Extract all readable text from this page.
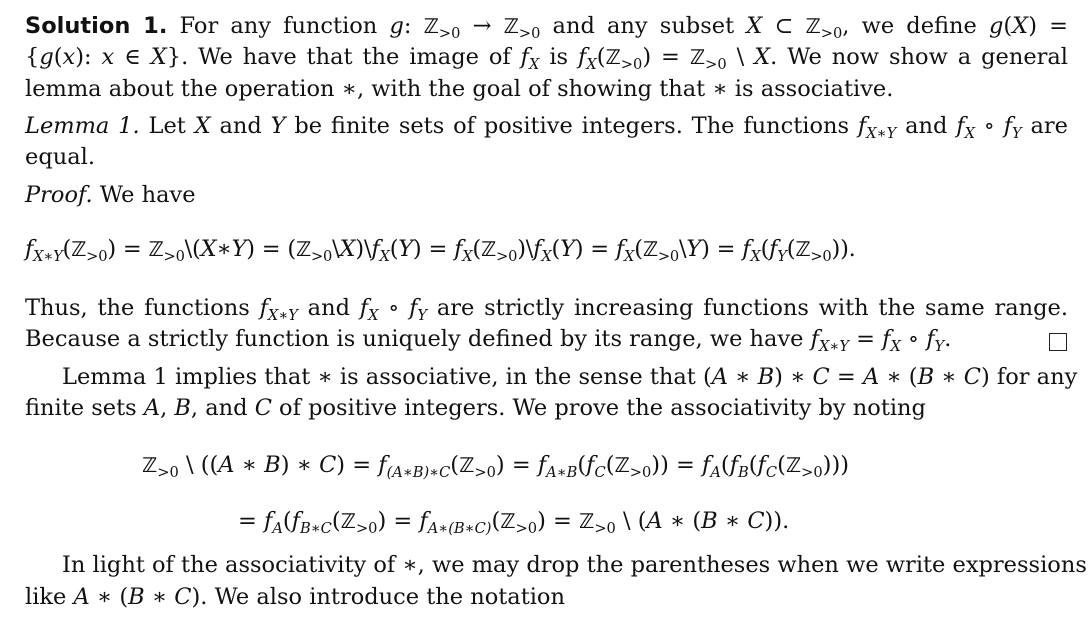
Solution 1. For any function g: ℤ$_{>0}$ → ℤ$_{>0}$ and any subset X ⊂ ℤ$_{>0}$, we define g(X) =
{g(x): x ∈ X}. We have that the image of $f_X$ is $f_X(ℤ_{>0})$ = ℤ$_{>0}$ \ X. We now show a general
lemma about the operation ∗, with the goal of showing that ∗ is associative.
Lemma 1. Let X and Y be finite sets of positive integers. The functions $f_{X∗Y}$ and $f_X$ ∘ $f_Y$ are
equal.
Proof. We have
$f_{X∗Y}(ℤ_{>0})$ = ℤ$_{>0}$\(X∗Y) = $(ℤ_{>0}\backslash X)\backslash f_X(Y)$ = $f_X(ℤ_{>0})\backslash f_X(Y)$ = $f_X(ℤ_{>0}\backslash Y)$ = $f_X(f_Y(ℤ_{>0}))$.
Thus, the functions $f_{X∗Y}$ and $f_X$ ∘ $f_Y$ are strictly increasing functions with the same range.
Because a strictly function is uniquely defined by its range, we have $f_{X∗Y} = f_X$ ∘ $f_Y$.
Lemma 1 implies that ∗ is associative, in the sense that (A ∗ B) ∗ C = A ∗ (B ∗ C) for any
finite sets A, B, and C of positive integers. We prove the associativity by noting
ℤ$_{>0}$ \ ((A ∗ B) ∗ $C) = f_{(A∗B)∗C}(ℤ_{>0})$ = $f_{A∗B}(f_C(ℤ_{>0}))$ = $f_A(f_B(f_C(ℤ_{>0})))$
= $f_A(f_{B∗C}(ℤ_{>0})$ = $f_{A∗(B∗C)}(ℤ_{>0})$ = ℤ$_{>0}$ \ (A ∗ (B ∗ C)).
In light of the associativity of ∗, we may drop the parentheses when we write expressions
like A ∗ (B ∗ C). We also introduce the notation
